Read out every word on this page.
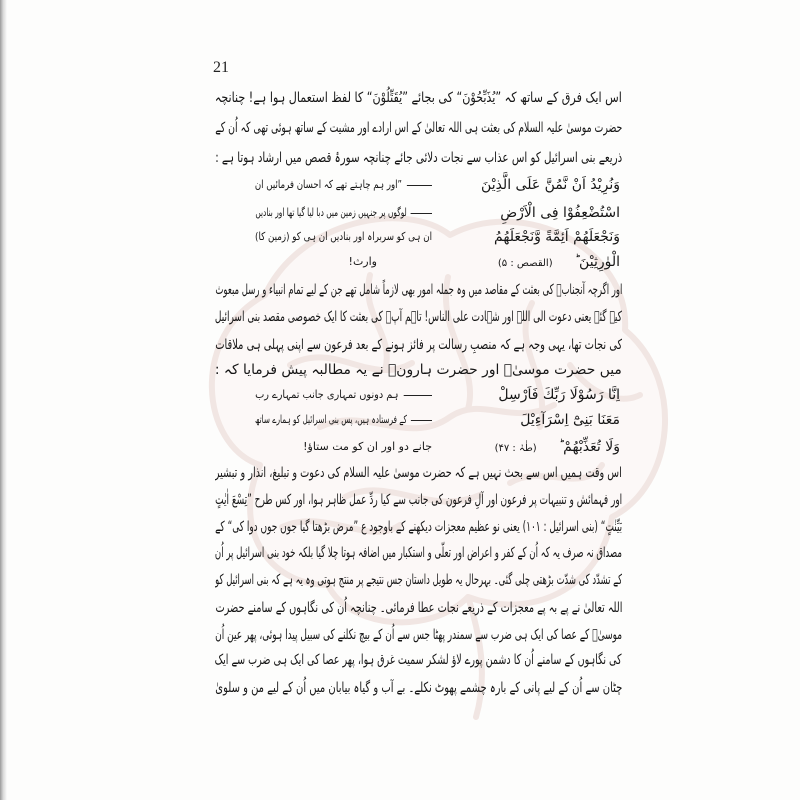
21
اس ایک فرق کے ساتھ کہ ”یُذَبِّحُوْنَ“ کی بجائے ”یُقَتِّلُوْنَ“ کا لفظ استعمال ہوا ہے! چنانچہ
حضرت موسیٰ علیہ السلام کی بعثت ہی اللہ تعالیٰ کے اس ارادے اور مشیت کے ساتھ ہوئی تھی کہ اُن کے
ذریعے بنی اسرائیل کو اس عذاب سے نجات دلائی جائے چنانچہ سورۂ قصص میں ارشاد ہوتا ہے :
وَنُرِيْدُ اَنْ نَّمُنَّ عَلَى الَّذِيْنَ
”اور ہم چاہتے تھے کہ احسان فرمائیں ان
اسْتُضْعِفُوْا فِى الْاَرْضِ
لوگوں پر جنہیں زمین میں دبا لیا گیا تھا اور بنادیں
وَنَجْعَلَهُمْ اَئِمَّةً وَّنَجْعَلَهُمُ
ان ہی کو سربراہ اور بنادیں ان ہی کو (زمین کا)
الْوٰرِثِيْنَ ؕ(القصص : ۵)
وارث!
اور اگرچہ آنجنابؑ کی بعثت کے مقاصد میں وہ جملہ امور بھی لازماً شامل تھے جن کے لیے تمام انبیاء و رسل مبعوث
کیے گئے یعنی دعوت الی اللہ اور شہادت علی الناس! تاہم آپؑ کی بعثت کا ایک خصوصی مقصد بنی اسرائیل
کی نجات تھا، یہی وجہ ہے کہ منصبِ رسالت پر فائز ہونے کے بعد فرعون سے اپنی پہلی ہی ملاقات
میں حضرت موسیٰؑ اور حضرت ہارونؑ نے یہ مطالبہ پیش فرمایا کہ :
اِنَّا رَسُوْلَا رَبِّكَ فَاَرْسِلْ
ہم دونوں تمہاری جانب تمہارے رب
مَعَنَا بَنِىْٓ اِسْرَآءِيْلَ
کے فرستادہ ہیں، پس بنی اسرائیل کو ہمارے ساتھ
وَلَا تُعَذِّبْهُمْ ؕ(طٰہٰ : ۴۷)
جانے دو اور ان کو مت ستاؤ!
اس وقت ہمیں اس سے بحث نہیں ہے کہ حضرت موسیٰ علیہ السلام کی دعوت و تبلیغ، انذار و تبشیر
اور فہمائش و تنبیہات پر فرعون اور آلِ فرعون کی جانب سے کیا ردِّ عمل ظاہر ہوا، اور کس طرح ”تِسْعَ اٰیٰتٍ
بَیِّنٰتٍ“ (بنی اسرائیل : ۱۰۱) یعنی نو عظیم معجزات دیکھنے کے باوجود ع ”مرض بڑھتا گیا جوں جوں دوا کی“ کے
مصداق نہ صرف یہ کہ اُن کے کفر و اعراض اور تعلّی و استکبار میں اضافہ ہوتا چلا گیا بلکہ خود بنی اسرائیل پر اُن
کے تشدّد کی شدّت بڑھتی چلی گئی۔ بہرحال یہ طویل داستان جس نتیجے پر منتج ہوتی وہ یہ ہے کہ بنی اسرائیل کو
اللہ تعالیٰ نے پے بہ پے معجزات کے ذریعے نجات عطا فرمائی۔ چنانچہ اُن کی نگاہوں کے سامنے حضرت
موسیٰؑ کے عصا کی ایک ہی ضرب سے سمندر پھٹا جس سے اُن کے بیچ نکلنے کی سبیل پیدا ہوئی، پھر عین اُن
کی نگاہوں کے سامنے اُن کا دشمن پورے لاؤ لشکر سمیت غرق ہوا، پھر عصا کی ایک ہی ضرب سے ایک
چٹان سے اُن کے لیے پانی کے بارہ چشمے پھوٹ نکلے۔ بے آب و گیاہ بیابان میں اُن کے لیے من و سلویٰ
